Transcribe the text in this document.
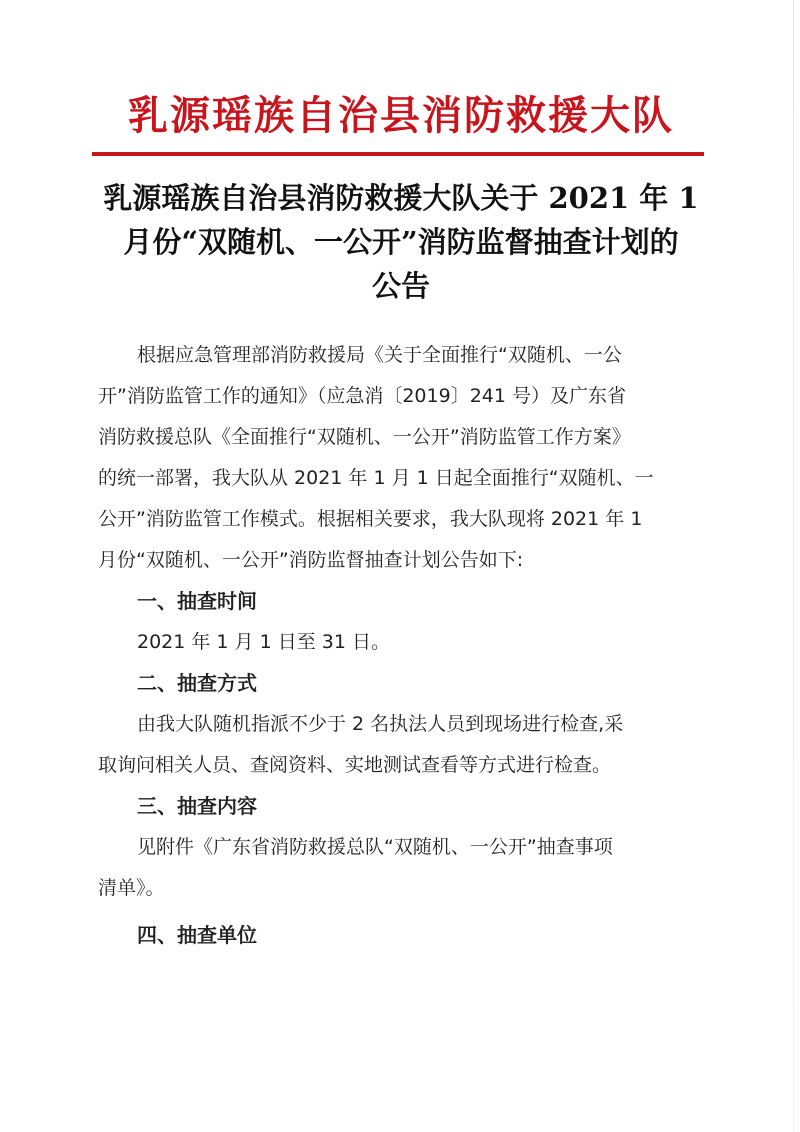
乳源瑶族自治县消防救援大队
乳源瑶族自治县消防救援大队关于 2021 年 1
月份“双随机、一公开”消防监督抽查计划的
公告

根据应急管理部消防救援局《关于全面推行“双随机、一公

开”消防监管工作的通知》（应急消〔2019〕241 号）及广东省

消防救援总队《全面推行“双随机、一公开”消防监管工作方案》

的统一部署，我大队从 2021 年 1 月 1 日起全面推行“双随机、一

公开”消防监管工作模式。根据相关要求，我大队现将 2021 年 1

月份“双随机、一公开”消防监督抽查计划公告如下:

一、抽查时间

2021 年 1 月 1 日至 31 日。

二、抽查方式

由我大队随机指派不少于 2 名执法人员到现场进行检查,采

取询问相关人员、查阅资料、实地测试查看等方式进行检查。

三、抽查内容

见附件《广东省消防救援总队“双随机、一公开”抽查事项

清单》。

四、抽查单位
